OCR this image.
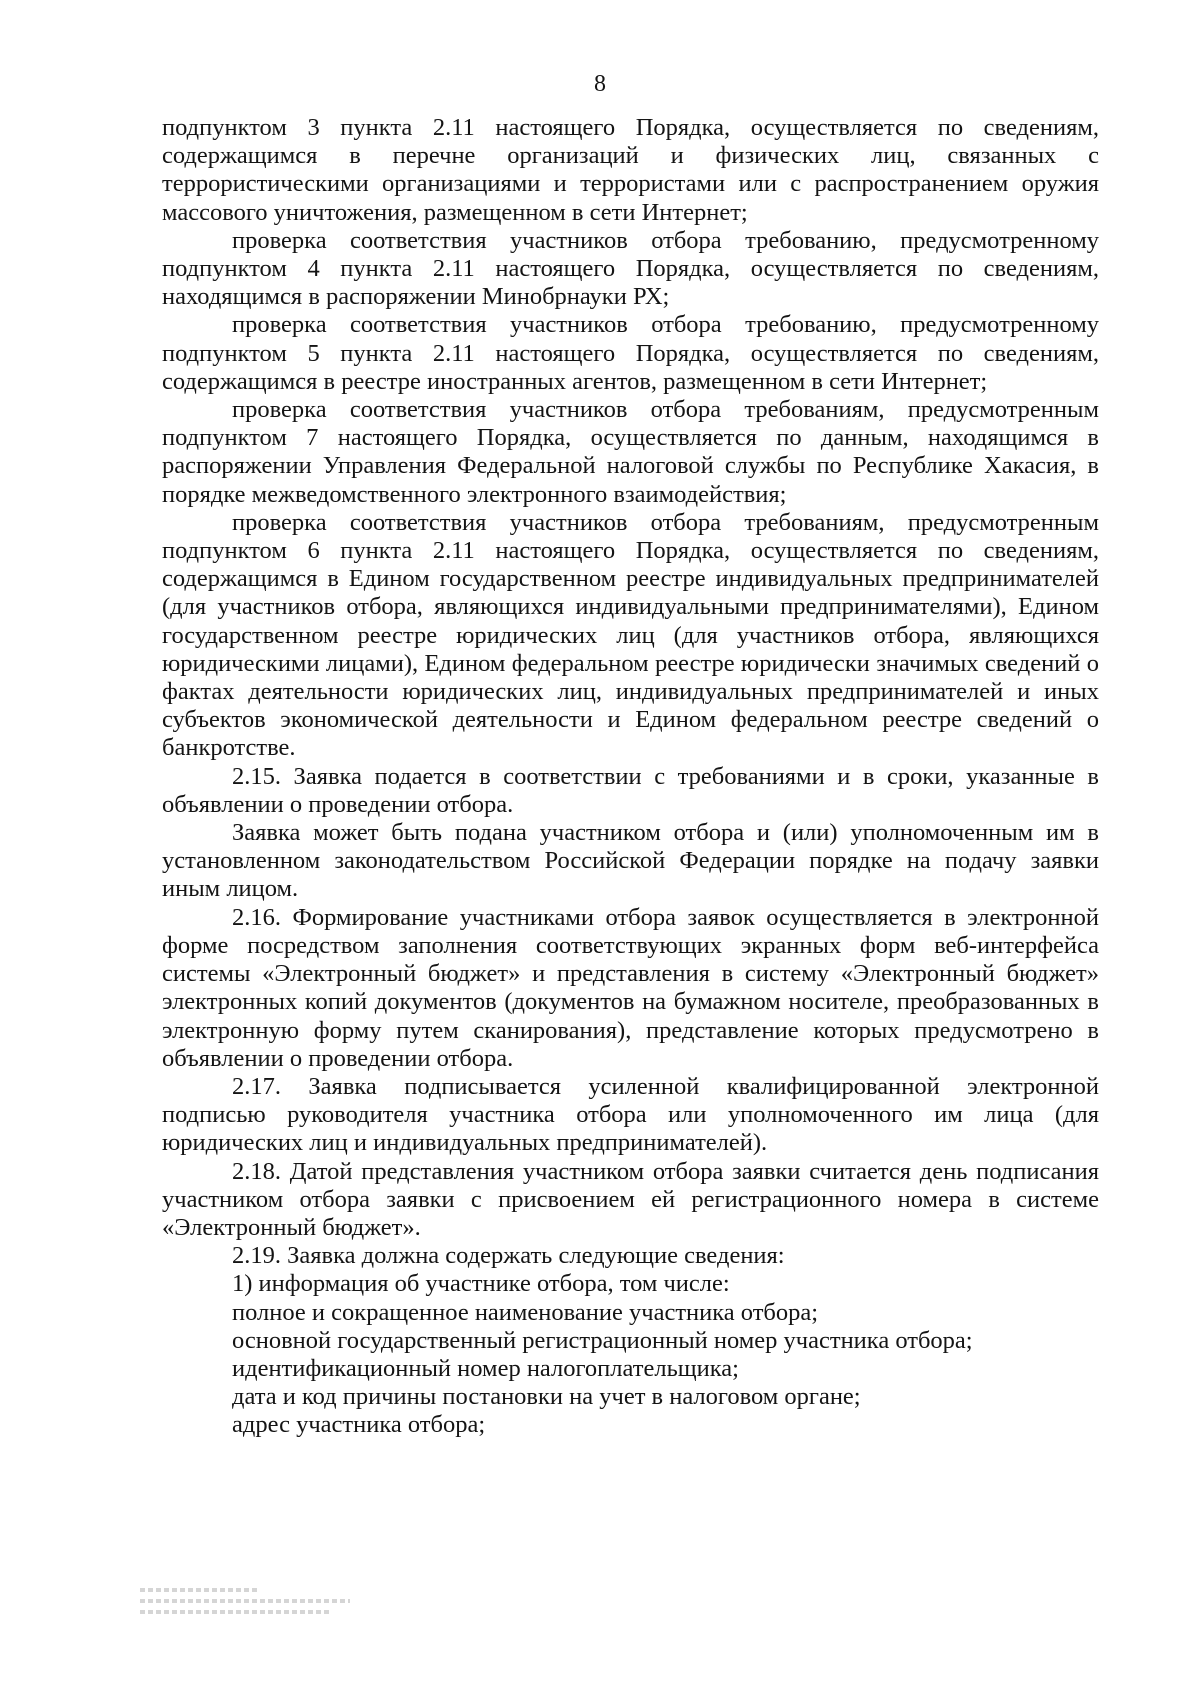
8

подпунктом 3 пункта 2.11 настоящего Порядка, осуществляется по сведениям, содержащимся в перечне организаций и физических лиц, связанных с террористическими организациями и террористами или с распространением оружия массового уничтожения, размещенном в сети Интернет;

проверка соответствия участников отбора требованию, предусмотренному подпунктом 4 пункта 2.11 настоящего Порядка, осуществляется по сведениям, находящимся в распоряжении Минобрнауки РХ;

проверка соответствия участников отбора требованию, предусмотренному подпунктом 5 пункта 2.11 настоящего Порядка, осуществляется по сведениям, содержащимся в реестре иностранных агентов, размещенном в сети Интернет;

проверка соответствия участников отбора требованиям, предусмотренным подпунктом 7 настоящего Порядка, осуществляется по данным, находящимся в распоряжении Управления Федеральной налоговой службы по Республике Хакасия, в порядке межведомственного электронного взаимодействия;

проверка соответствия участников отбора требованиям, предусмотренным подпунктом 6 пункта 2.11 настоящего Порядка, осуществляется по сведениям, содержащимся в Едином государственном реестре индивидуальных предпринимателей (для участников отбора, являющихся индивидуальными предпринимателями), Едином государственном реестре юридических лиц (для участников отбора, являющихся юридическими лицами), Едином федеральном реестре юридически значимых сведений о фактах деятельности юридических лиц, индивидуальных предпринимателей и иных субъектов экономической деятельности и Едином федеральном реестре сведений о банкротстве.

2.15. Заявка подается в соответствии с требованиями и в сроки, указанные в объявлении о проведении отбора.

Заявка может быть подана участником отбора и (или) уполномоченным им в установленном законодательством Российской Федерации порядке на подачу заявки иным лицом.

2.16. Формирование участниками отбора заявок осуществляется в электронной форме посредством заполнения соответствующих экранных форм веб-интерфейса системы «Электронный бюджет» и представления в систему «Электронный бюджет» электронных копий документов (документов на бумажном носителе, преобразованных в электронную форму путем сканирования), представление которых предусмотрено в объявлении о проведении отбора.

2.17. Заявка подписывается усиленной квалифицированной электронной подписью руководителя участника отбора или уполномоченного им лица (для юридических лиц и индивидуальных предпринимателей).

2.18. Датой представления участником отбора заявки считается день подписания участником отбора заявки с присвоением ей регистрационного номера в системе «Электронный бюджет».

2.19. Заявка должна содержать следующие сведения:

1) информация об участнике отбора, том числе:

полное и сокращенное наименование участника отбора;

основной государственный регистрационный номер участника отбора;

идентификационный номер налогоплательщика;

дата и код причины постановки на учет в налоговом органе;

адрес участника отбора;
